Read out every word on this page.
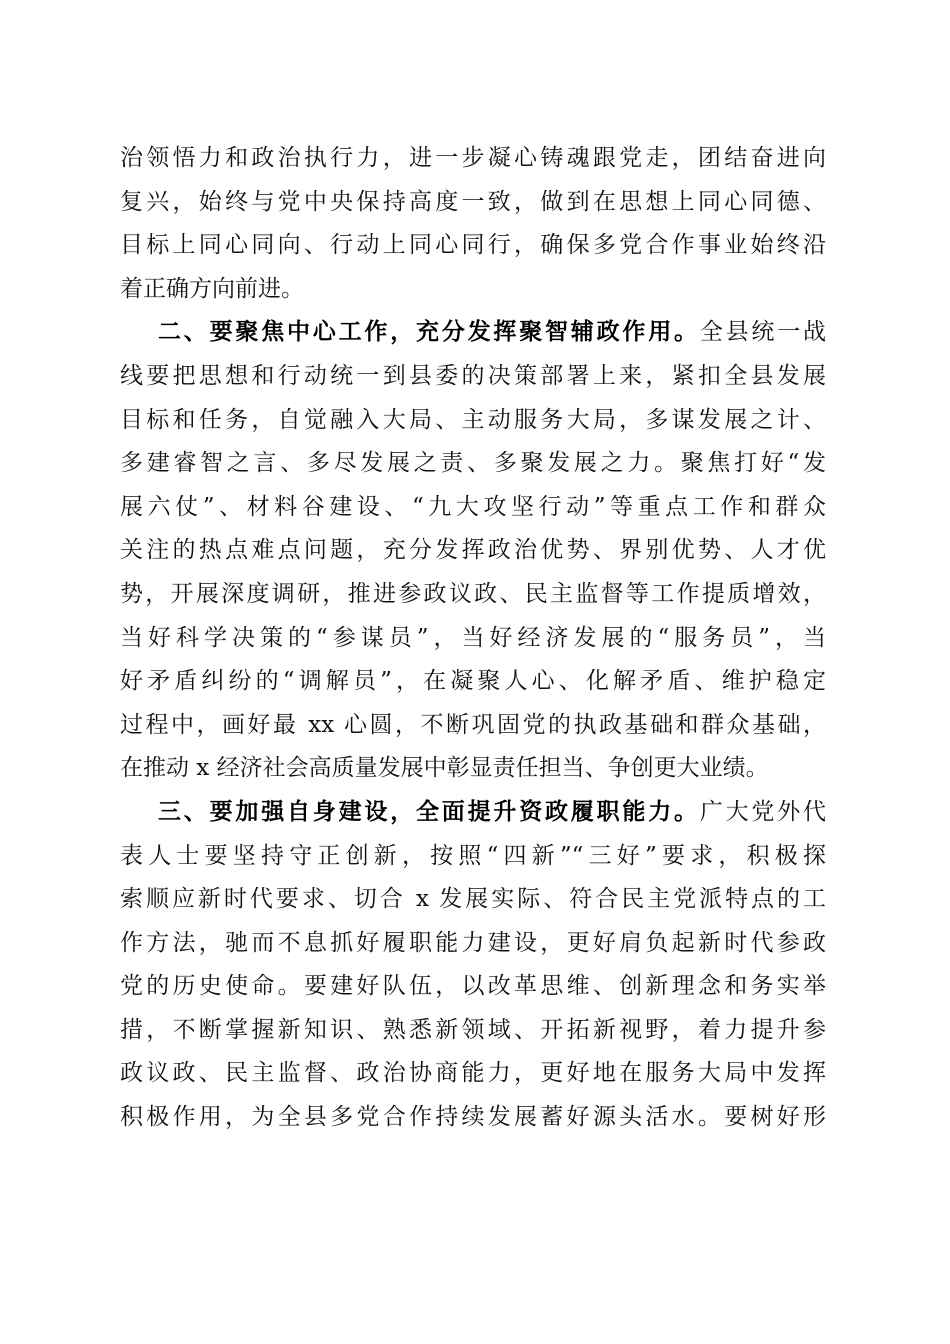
治领悟力和政治执行力，进一步凝心铸魂跟党走，团结奋进向
复兴，始终与党中央保持高度一致，做到在思想上同心同德、
目标上同心同向、行动上同心同行，确保多党合作事业始终沿
着正确方向前进。
二、要聚焦中心工作，充分发挥聚智辅政作用。全县统一战
线要把思想和行动统一到县委的决策部署上来，紧扣全县发展
目标和任务，自觉融入大局、主动服务大局，多谋发展之计、
多建睿智之言、多尽发展之责、多聚发展之力。聚焦打好“发
展六仗”、材料谷建设、“九大攻坚行动”等重点工作和群众
关注的热点难点问题，充分发挥政治优势、界别优势、人才优
势，开展深度调研，推进参政议政、民主监督等工作提质增效，
当好科学决策的“参谋员”，当好经济发展的“服务员”，当
好矛盾纠纷的“调解员”，在凝聚人心、化解矛盾、维护稳定
过程中，画好最 xx 心圆，不断巩固党的执政基础和群众基础，
在推动 x 经济社会高质量发展中彰显责任担当、争创更大业绩。
三、要加强自身建设，全面提升资政履职能力。广大党外代
表人士要坚持守正创新，按照“四新”“三好”要求，积极探
索顺应新时代要求、切合 x 发展实际、符合民主党派特点的工
作方法，驰而不息抓好履职能力建设，更好肩负起新时代参政
党的历史使命。要建好队伍，以改革思维、创新理念和务实举
措，不断掌握新知识、熟悉新领域、开拓新视野，着力提升参
政议政、民主监督、政治协商能力，更好地在服务大局中发挥
积极作用，为全县多党合作持续发展蓄好源头活水。要树好形
